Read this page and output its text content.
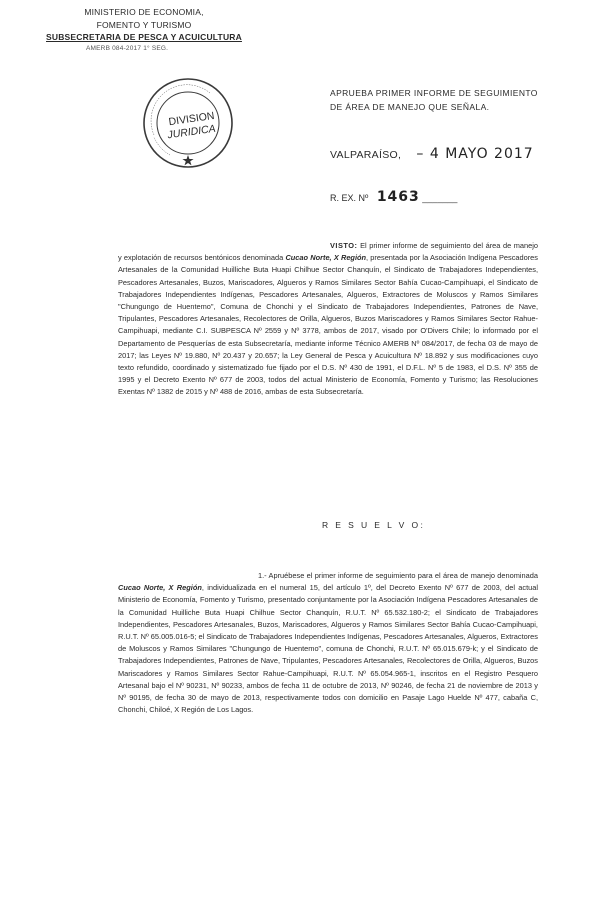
MINISTERIO DE ECONOMIA,
FOMENTO Y TURISMO
SUBSECRETARIA DE PESCA Y ACUICULTURA
AMERB 084-2017 1° SEG.
DIVISION
JURIDICA
APRUEBA PRIMER INFORME DE SEGUIMIENTO DE ÁREA DE MANEJO QUE SEÑALA.
VALPARAÍSO, – 4 MAYO 2017
R. EX. Nº 1463 _______
VISTO: El primer informe de seguimiento del área de manejo y explotación de recursos bentónicos denominada Cucao Norte, X Región, presentada por la Asociación Indígena Pescadores Artesanales de la Comunidad Huilliche Buta Huapi Chilhue Sector Chanquín, el Sindicato de Trabajadores Independientes, Pescadores Artesanales, Buzos, Mariscadores, Algueros y Ramos Similares Sector Bahía Cucao-Campihuapi, el Sindicato de Trabajadores Independientes Indígenas, Pescadores Artesanales, Algueros, Extractores de Moluscos y Ramos Similares "Chungungo de Huentemo", Comuna de Chonchi y el Sindicato de Trabajadores Independientes, Patrones de Nave, Tripulantes, Pescadores Artesanales, Recolectores de Orilla, Algueros, Buzos Mariscadores y Ramos Similares Sector Rahue-Campihuapi, mediante C.I. SUBPESCA Nº 2559 y Nº 3778, ambos de 2017, visado por O'Divers Chile; lo informado por el Departamento de Pesquerías de esta Subsecretaría, mediante informe Técnico AMERB Nº 084/2017, de fecha 03 de mayo de 2017; las Leyes Nº 19.880, Nº 20.437 y 20.657; la Ley General de Pesca y Acuicultura Nº 18.892 y sus modificaciones cuyo texto refundido, coordinado y sistematizado fue fijado por el D.S. Nº 430 de 1991, el D.F.L. Nº 5 de 1983, el D.S. Nº 355 de 1995 y el Decreto Exento Nº 677 de 2003, todos del actual Ministerio de Economía, Fomento y Turismo; las Resoluciones Exentas Nº 1382 de 2015 y Nº 488 de 2016, ambas de esta Subsecretaría.
R E S U E L V O:
1.- Apruébese el primer informe de seguimiento para el área de manejo denominada Cucao Norte, X Región, individualizada en el numeral 15, del artículo 1º, del Decreto Exento Nº 677 de 2003, del actual Ministerio de Economía, Fomento y Turismo, presentado conjuntamente por la Asociación Indígena Pescadores Artesanales de la Comunidad Huilliche Buta Huapi Chilhue Sector Chanquín, R.U.T. Nº 65.532.180-2; el Sindicato de Trabajadores Independientes, Pescadores Artesanales, Buzos, Mariscadores, Algueros y Ramos Similares Sector Bahía Cucao-Campihuapi, R.U.T. Nº 65.005.016-5; el Sindicato de Trabajadores Independientes Indígenas, Pescadores Artesanales, Algueros, Extractores de Moluscos y Ramos Similares "Chungungo de Huentemo", comuna de Chonchi, R.U.T. Nº 65.015.679-k; y el Sindicato de Trabajadores Independientes, Patrones de Nave, Tripulantes, Pescadores Artesanales, Recolectores de Orilla, Algueros, Buzos Mariscadores y Ramos Similares Sector Rahue-Campihuapi, R.U.T. Nº 65.054.965-1, inscritos en el Registro Pesquero Artesanal bajo el Nº 90231, Nº 90233, ambos de fecha 11 de octubre de 2013, Nº 90246, de fecha 21 de noviembre de 2013 y Nº 90195, de fecha 30 de mayo de 2013, respectivamente todos con domicilio en Pasaje Lago Huelde Nº 477, cabaña C, Chonchi, Chiloé, X Región de Los Lagos.
